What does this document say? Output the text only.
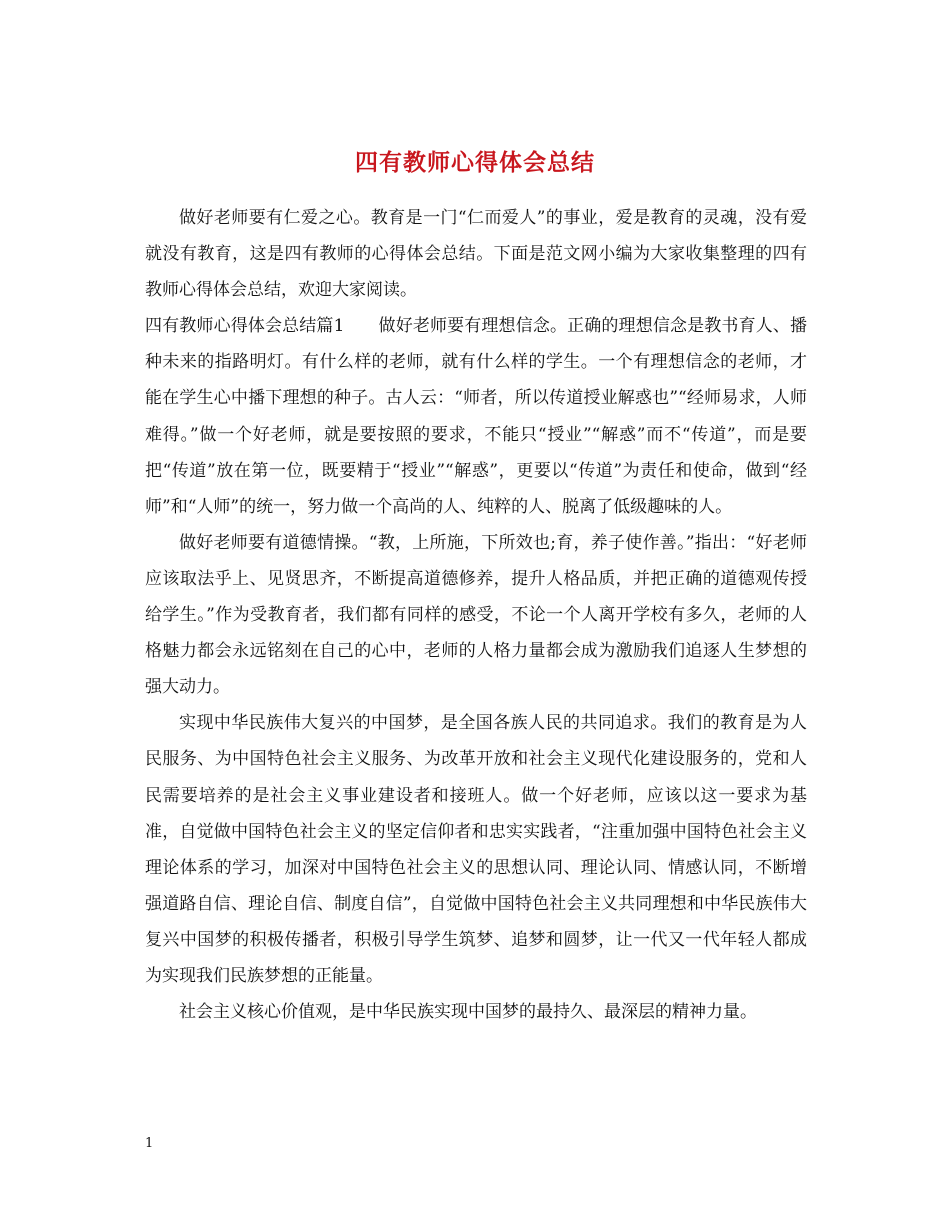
四有教师心得体会总结

做好老师要有仁爱之心。教育是一门“仁而爱人”的事业，爱是教育的灵魂，没有爱就没有教育，这是四有教师的心得体会总结。下面是范文网小编为大家收集整理的四有教师心得体会总结，欢迎大家阅读。

四有教师心得体会总结篇1 做好老师要有理想信念。正确的理想信念是教书育人、播种未来的指路明灯。有什么样的老师，就有什么样的学生。一个有理想信念的老师，才能在学生心中播下理想的种子。古人云：“师者，所以传道授业解惑也”“经师易求，人师难得。”做一个好老师，就是要按照的要求，不能只“授业”“解惑”而不“传道”，而是要把“传道”放在第一位，既要精于“授业”“解惑”，更要以“传道”为责任和使命，做到“经师”和“人师”的统一，努力做一个高尚的人、纯粹的人、脱离了低级趣味的人。

做好老师要有道德情操。“教，上所施，下所效也;育，养子使作善。”指出：“好老师应该取法乎上、见贤思齐，不断提高道德修养，提升人格品质，并把正确的道德观传授给学生。”作为受教育者，我们都有同样的感受，不论一个人离开学校有多久，老师的人格魅力都会永远铭刻在自己的心中，老师的人格力量都会成为激励我们追逐人生梦想的强大动力。

实现中华民族伟大复兴的中国梦，是全国各族人民的共同追求。我们的教育是为人民服务、为中国特色社会主义服务、为改革开放和社会主义现代化建设服务的，党和人民需要培养的是社会主义事业建设者和接班人。做一个好老师，应该以这一要求为基准，自觉做中国特色社会主义的坚定信仰者和忠实实践者，“注重加强中国特色社会主义理论体系的学习，加深对中国特色社会主义的思想认同、理论认同、情感认同，不断增强道路自信、理论自信、制度自信”，自觉做中国特色社会主义共同理想和中华民族伟大复兴中国梦的积极传播者，积极引导学生筑梦、追梦和圆梦，让一代又一代年轻人都成为实现我们民族梦想的正能量。

社会主义核心价值观，是中华民族实现中国梦的最持久、最深层的精神力量。

1
